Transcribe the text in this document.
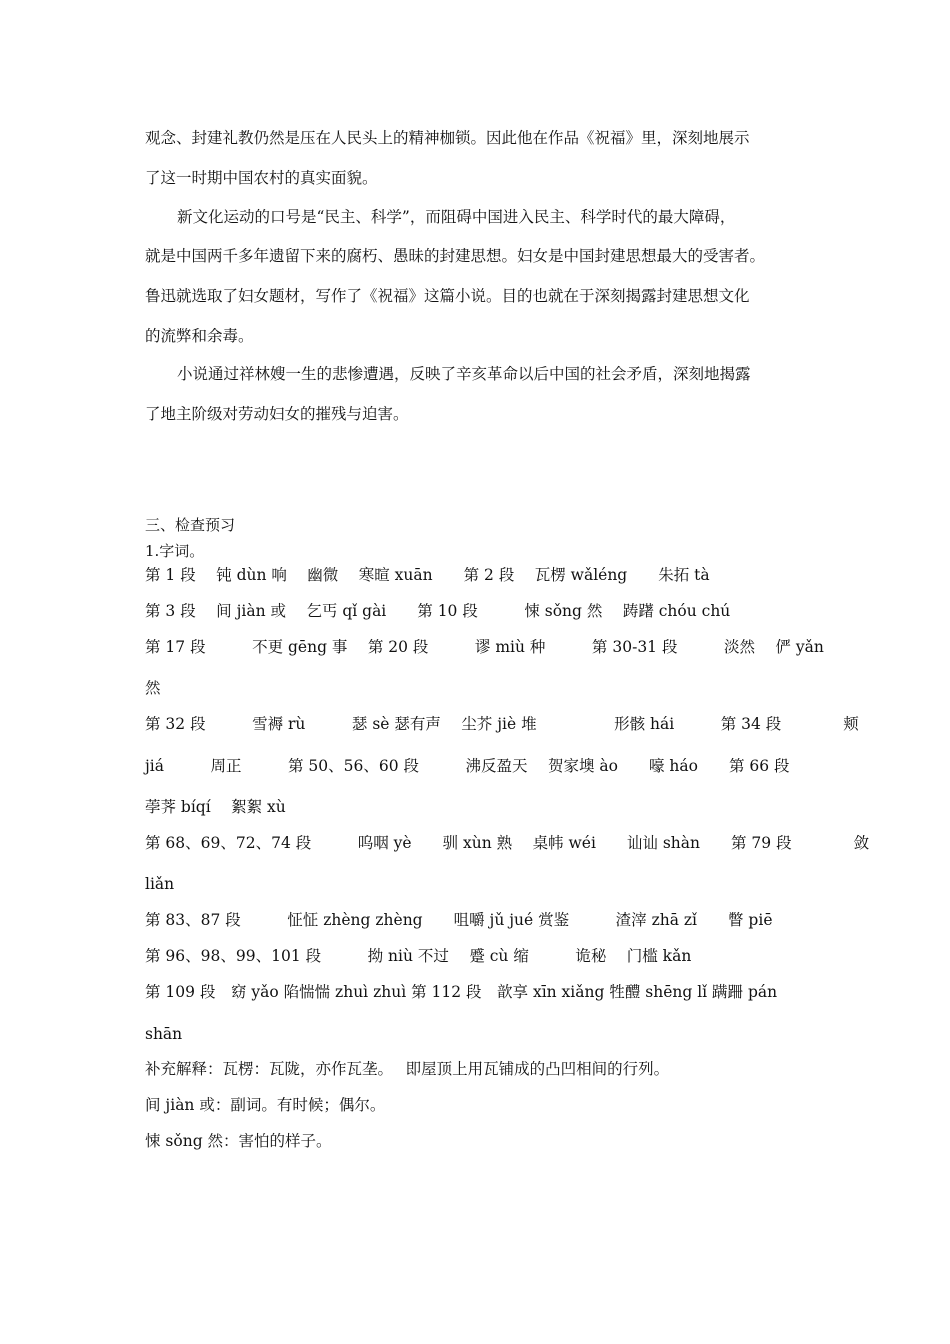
观念、封建礼教仍然是压在人民头上的精神枷锁。因此他在作品《祝福》里，深刻地展示
了这一时期中国农村的真实面貌。
新文化运动的口号是“民主、科学”，而阻碍中国进入民主、科学时代的最大障碍，
就是中国两千多年遗留下来的腐朽、愚昧的封建思想。妇女是中国封建思想最大的受害者。
鲁迅就选取了妇女题材，写作了《祝福》这篇小说。目的也就在于深刻揭露封建思想文化
的流弊和余毒。
小说通过祥林嫂一生的悲惨遭遇，反映了辛亥革命以后中国的社会矛盾，深刻地揭露
了地主阶级对劳动妇女的摧残与迫害。
三、检查预习
1.字词。
第 1 段　 钝 dùn 响　 幽微　 寒暄 xuān　　第 2 段　 瓦楞 wǎléng　　朱拓 tà
第 3 段　 间 jiàn 或　 乞丐 qǐ gài　　第 10 段　　　悚 sǒng 然　 踌躇 chóu chú
第 17 段　　　不更 gēng 事　 第 20 段　　　谬 miù 种　　　第 30-31 段　　　淡然　 俨 yǎn
然
第 32 段　　　雪褥 rù　　　瑟 sè 瑟有声　 尘芥 jiè 堆　　　　　形骸 hái　　　第 34 段　　　　颊
jiá　　　周正　　　第 50、56、60 段　　　沸反盈天　 贺家墺 ào　　嚎 háo　　第 66 段
荸荠 bíqí　 絮絮 xù
第 68、69、72、74 段　　　呜咽 yè　　驯 xùn 熟　 桌帏 wéi　　讪讪 shàn　　第 79 段　　　　敛
liǎn
第 83、87 段　　　怔怔 zhèng zhèng　　咀嚼 jǔ jué 赏鉴　　　渣滓 zhā zǐ　　瞥 piē
第 96、98、99、101 段　　　拗 niù 不过　 蹙 cù 缩　　　诡秘　 门槛 kǎn
第 109 段　窈 yǎo 陷惴惴 zhuì zhuì 第 112 段　歆享 xīn xiǎng 牲醴 shēng lǐ 蹒跚 pán
shān
补充解释：瓦楞：瓦陇，亦作瓦垄。　 即屋顶上用瓦铺成的凸凹相间的行列。
间 jiàn 或：副词。有时候；偶尔。
悚 sǒng 然：害怕的样子。
